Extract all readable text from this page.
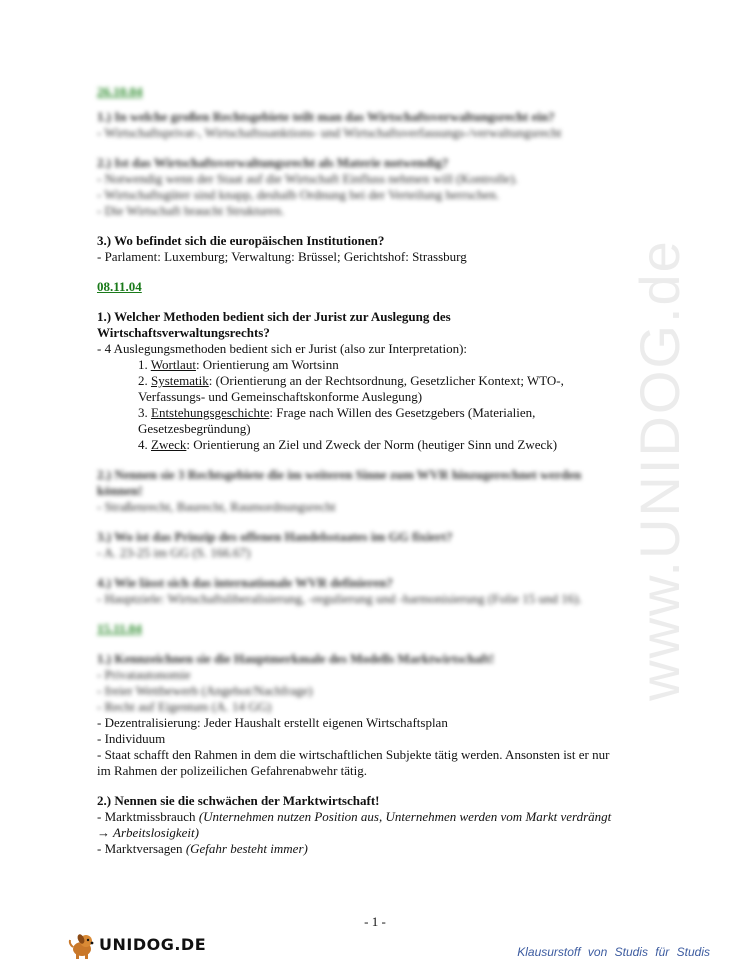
www.UNIDOG.de

26.10.04

1.) In welche großen Rechtsgebiete teilt man das Wirtschaftsverwaltungsrecht ein?

- Wirtschaftsprivat-, Wirtschaftssanktions- und Wirtschaftsverfassungs-/verwaltungsrecht

2.) Ist das Wirtschaftsverwaltungsrecht als Materie notwendig?

- Notwendig wenn der Staat auf die Wirtschaft Einfluss nehmen will (Kontrolle).

- Wirtschaftsgüter sind knapp, deshalb Ordnung bei der Verteilung herrschen.

- Die Wirtschaft braucht Strukturen.

3.) Wo befindet sich die europäischen Institutionen?

- Parlament: Luxemburg; Verwaltung: Brüssel; Gerichtshof: Strassburg

08.11.04

1.) Welcher Methoden bedient sich der Jurist zur Auslegung des

Wirtschaftsverwaltungsrechts?

- 4 Auslegungsmethoden bedient sich er Jurist (also zur Interpretation):

1. Wortlaut: Orientierung am Wortsinn

2. Systematik: (Orientierung an der Rechtsordnung, Gesetzlicher Kontext; WTO-,

Verfassungs- und Gemeinschaftskonforme Auslegung)

3. Entstehungsgeschichte: Frage nach Willen des Gesetzgebers (Materialien,

Gesetzesbegründung)

4. Zweck: Orientierung an Ziel und Zweck der Norm (heutiger Sinn und Zweck)

2.) Nennen sie 3 Rechtsgebiete die im weiteren Sinne zum WVR hinzugerechnet werden

können!

- Straßenrecht, Baurecht, Raumordnungsrecht

3.) Wo ist das Prinzip des offenen Handelsstaates im GG fixiert?

- A. 23-25 im GG (S. 166.67)

4.) Wie lässt sich das internationale WVR definieren?

- Hauptziele: Wirtschaftsliberalisierung, -regulierung und -harmonisierung (Folie 15 und 16).

15.11.04

1.) Kennzeichnen sie die Hauptmerkmale des Modells Marktwirtschaft!

- Privatautonomie

- freier Wettbewerb (Angebot/Nachfrage)

- Recht auf Eigentum (A. 14 GG)

- Dezentralisierung: Jeder Haushalt erstellt eigenen Wirtschaftsplan

- Individuum

- Staat schafft den Rahmen in dem die wirtschaftlichen Subjekte tätig werden. Ansonsten ist er nur

im Rahmen der polizeilichen Gefahrenabwehr tätig.

2.) Nennen sie die schwächen der Marktwirtschaft!

- Marktmissbrauch (Unternehmen nutzen Position aus, Unternehmen werden vom Markt verdrängt

→ Arbeitslosigkeit)

- Marktversagen (Gefahr besteht immer)

- 1 -
UNIDOG.DE	Klausurstoff von Studis für Studis
